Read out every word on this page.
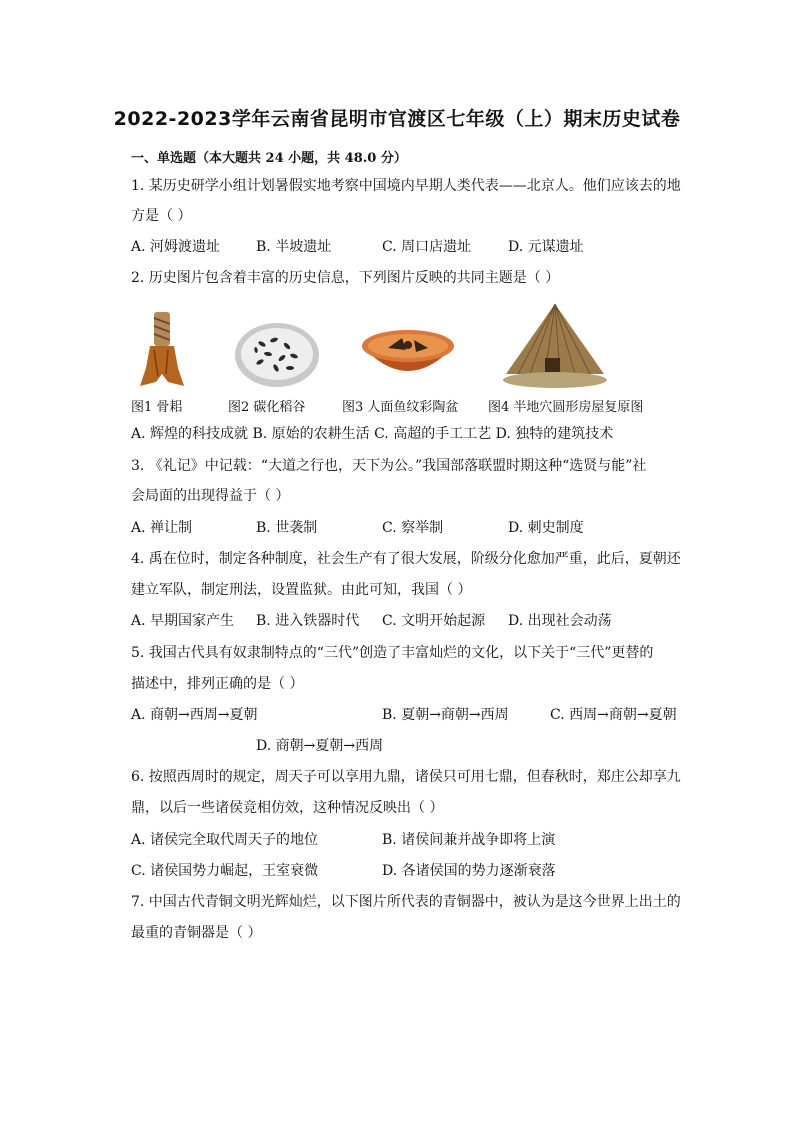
2022-2023学年云南省昆明市官渡区七年级（上）期末历史试卷
一、单选题（本大题共 24 小题，共 48.0 分）
1. 某历史研学小组计划暑假实地考察中国境内早期人类代表——北京人。他们应该去的地
方是（ ）
A. 河姆渡遗址	B. 半坡遗址	C. 周口店遗址	D. 元谋遗址
2. 历史图片包含着丰富的历史信息，下列图片反映的共同主题是（ ）
图1 骨耜	图2 碳化稻谷	图3 人面鱼纹彩陶盆 图4 半地穴圆形房屋复原图
A. 辉煌的科技成就 B. 原始的农耕生活 C. 高超的手工工艺 D. 独特的建筑技术
3. 《礼记》中记载：“大道之行也，天下为公。”我国部落联盟时期这种“选贤与能”社
会局面的出现得益于（ ）
A. 禅让制	B. 世袭制	C. 察举制	D. 刺史制度
4. 禹在位时，制定各种制度，社会生产有了很大发展，阶级分化愈加严重，此后，夏朝还
建立军队，制定刑法，设置监狱。由此可知，我国（ ）
A. 早期国家产生 B. 进入铁器时代 C. 文明开始起源 D. 出现社会动荡
5. 我国古代具有奴隶制特点的“三代”创造了丰富灿烂的文化，以下关于“三代”更替的
描述中，排列正确的是（ ）
A. 商朝→西周→夏朝	B. 夏朝→商朝→西周	C. 西周→商朝→夏朝
D. 商朝→夏朝→西周
6. 按照西周时的规定，周天子可以享用九鼎，诸侯只可用七鼎，但春秋时，郑庄公却享九
鼎，以后一些诸侯竞相仿效，这种情况反映出（ ）
A. 诸侯完全取代周天子的地位	B. 诸侯间兼并战争即将上演
C. 诸侯国势力崛起，王室衰微	D. 各诸侯国的势力逐渐衰落
7. 中国古代青铜文明光辉灿烂，以下图片所代表的青铜器中，被认为是这今世界上出土的
最重的青铜器是（ ）
